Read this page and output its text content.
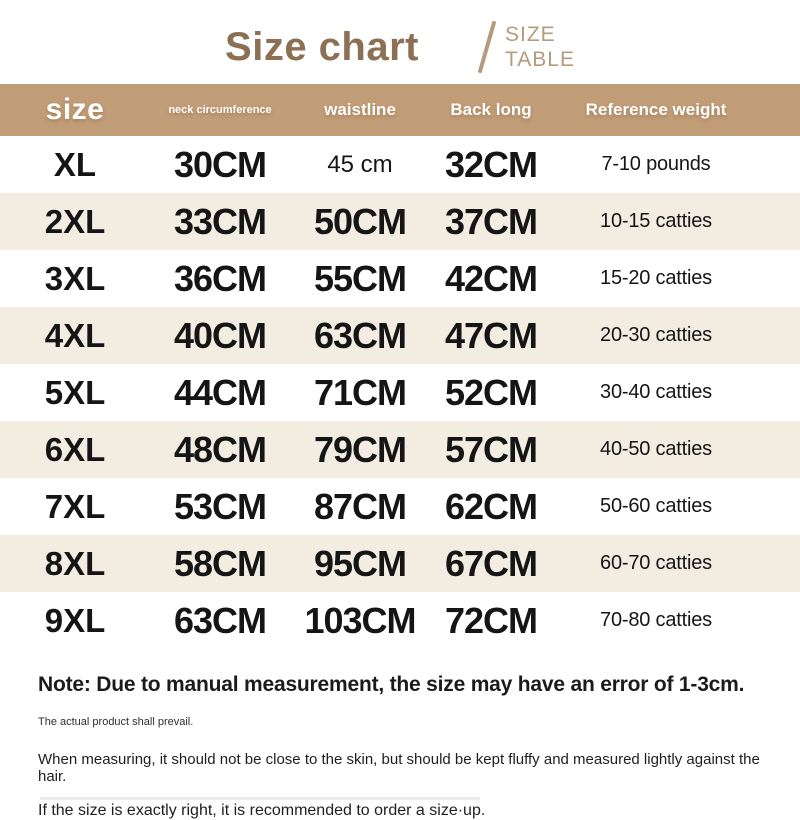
Size chart	SIZE
TABLE
size	neck circumference	waistline	Back long	Reference weight
XL	30CM	45 cm	32CM	7-10 pounds
2XL	33CM	50CM	37CM	10-15 catties
3XL	36CM	55CM	42CM	15-20 catties
4XL	40CM	63CM	47CM	20-30 catties
5XL	44CM	71CM	52CM	30-40 catties
6XL	48CM	79CM	57CM	40-50 catties
7XL	53CM	87CM	62CM	50-60 catties
8XL	58CM	95CM	67CM	60-70 catties
9XL	63CM	103CM 72CM	70-80 catties
Note: Due to manual measurement, the size may have an error of 1-3cm.
The actual product shall prevail.
When measuring, it should not be close to the skin, but should be kept fluffy and measured lightly against the hair.
If the size is exactly right, it is recommended to order a size·up.
